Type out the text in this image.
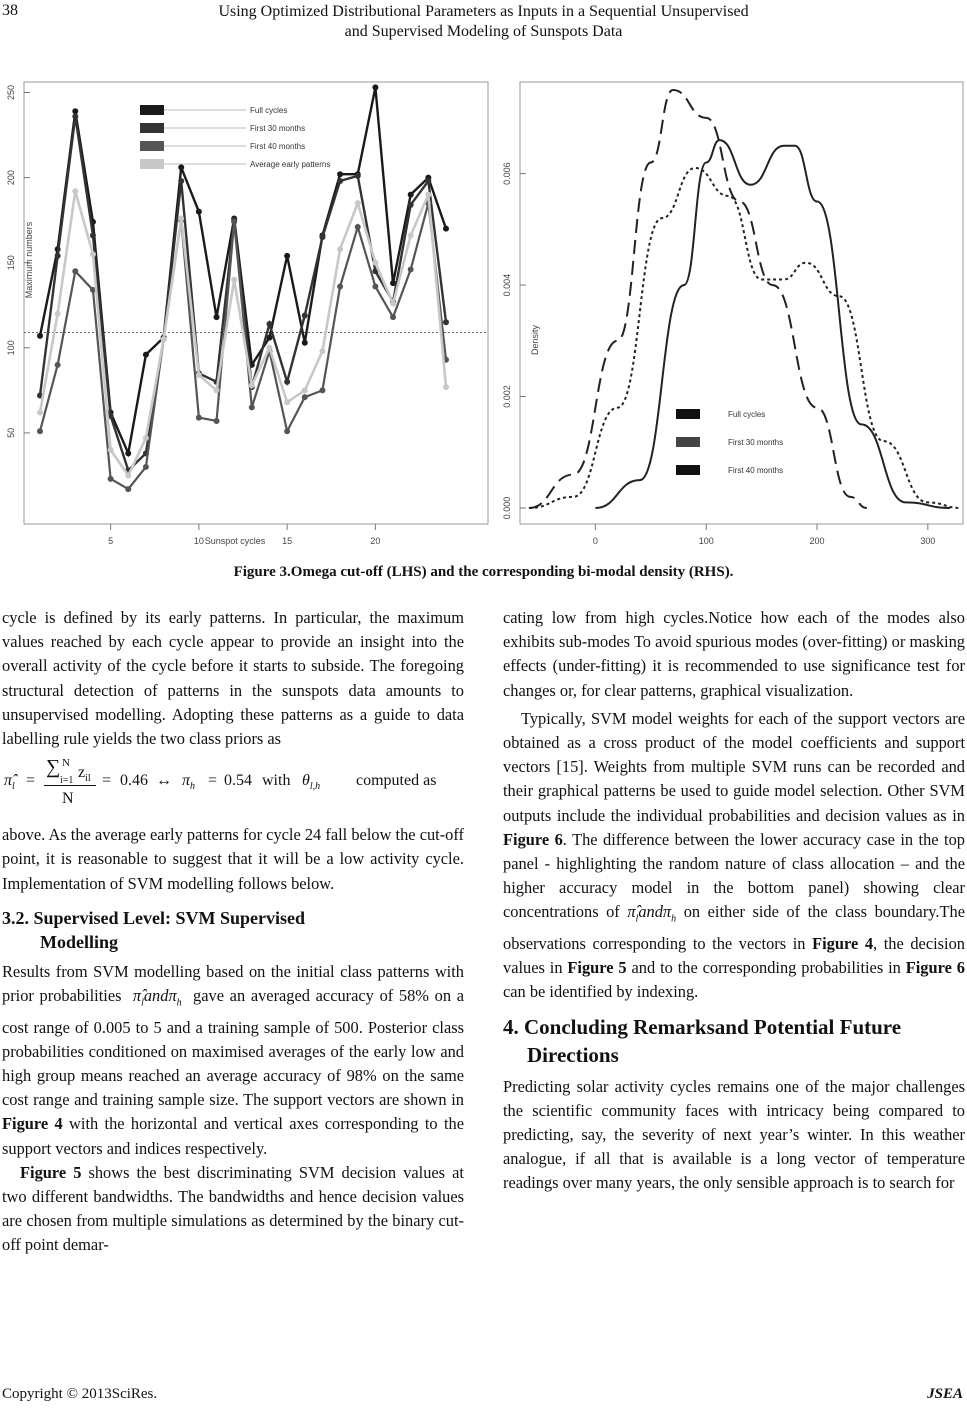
38	Using Optimized Distributional Parameters as Inputs in a Sequential Unsupervised
and Supervised Modeling of Sunspots Data
50
100
150
200
250
Maximum numbers
5	10	15	20
Sunspot cycles
Full cycles
First 30 months
First 40 months
Average early patterns
0.000
0.002
0.004
0.006
Density
0	100	200	300
Full cycles
First 30 months
First 40 months
Figure 3.Omega cut-off (LHS) and the corresponding bi-modal density (RHS).

cycle is defined by its early patterns. In particular, the maximum values reached by each cycle appear to provide an insight into the overall activity of the cycle before it starts to subside. The foregoing structural detection of patterns in the sunspots data amounts to unsupervised modelling. Adopting these patterns as a guide to data labelling rule yields the two class priors as

$\pî_l$ =
∑ N
i=1 $z_{il}$
N
= 0.46 ↔ $\pi_h = 0.54$ with $\theta_{l,h}$ computed as

above. As the average early patterns for cycle 24 fall below the cut-off point, it is reasonable to suggest that it will be a low activity cycle. Implementation of SVM modelling follows below.

3.2. Supervised Level: SVM Supervised
Modelling

Results from SVM modelling based on the initial class patterns with prior probabilities $\pî_land\pi_h$ gave an averaged accuracy of 58% on a cost range of 0.005 to 5 and a training sample of 500. Posterior class probabilities conditioned on maximised averages of the early low and high group means reached an average accuracy of 98% on the same cost range and training sample size. The support vectors are shown in Figure 4 with the horizontal and vertical axes corresponding to the support vectors and indices respectively.

Figure 5 shows the best discriminating SVM decision values at two different bandwidths. The bandwidths and hence decision values are chosen from multiple simulations as determined by the binary cut-off point demar-

cating low from high cycles.Notice how each of the modes also exhibits sub-modes To avoid spurious modes (over-fitting) or masking effects (under-fitting) it is recommended to use significance test for changes or, for clear patterns, graphical visualization.

Typically, SVM model weights for each of the support vectors are obtained as a cross product of the model coefficients and support vectors [15]. Weights from multiple SVM runs can be recorded and their graphical patterns be used to guide model selection. Other SVM outputs include the individual probabilities and decision values as in Figure 6. The difference between the lower accuracy case in the top panel - highlighting the random nature of class allocation – and the higher accuracy model in the bottom panel) showing clear concentrations of $\pî_land\pi_h$ on either side of the class boundary.The observations corresponding to the vectors in Figure 4, the decision values in Figure 5 and to the corresponding probabilities in Figure 6 can be identified by indexing.

4. Concluding Remarksand Potential Future
Directions

Predicting solar activity cycles remains one of the major challenges the scientific community faces with intricacy being compared to predicting, say, the severity of next year’s winter. In this weather analogue, if all that is available is a long vector of temperature readings over many years, the only sensible approach is to search for

Copyright © 2013SciRes.	JSEA
